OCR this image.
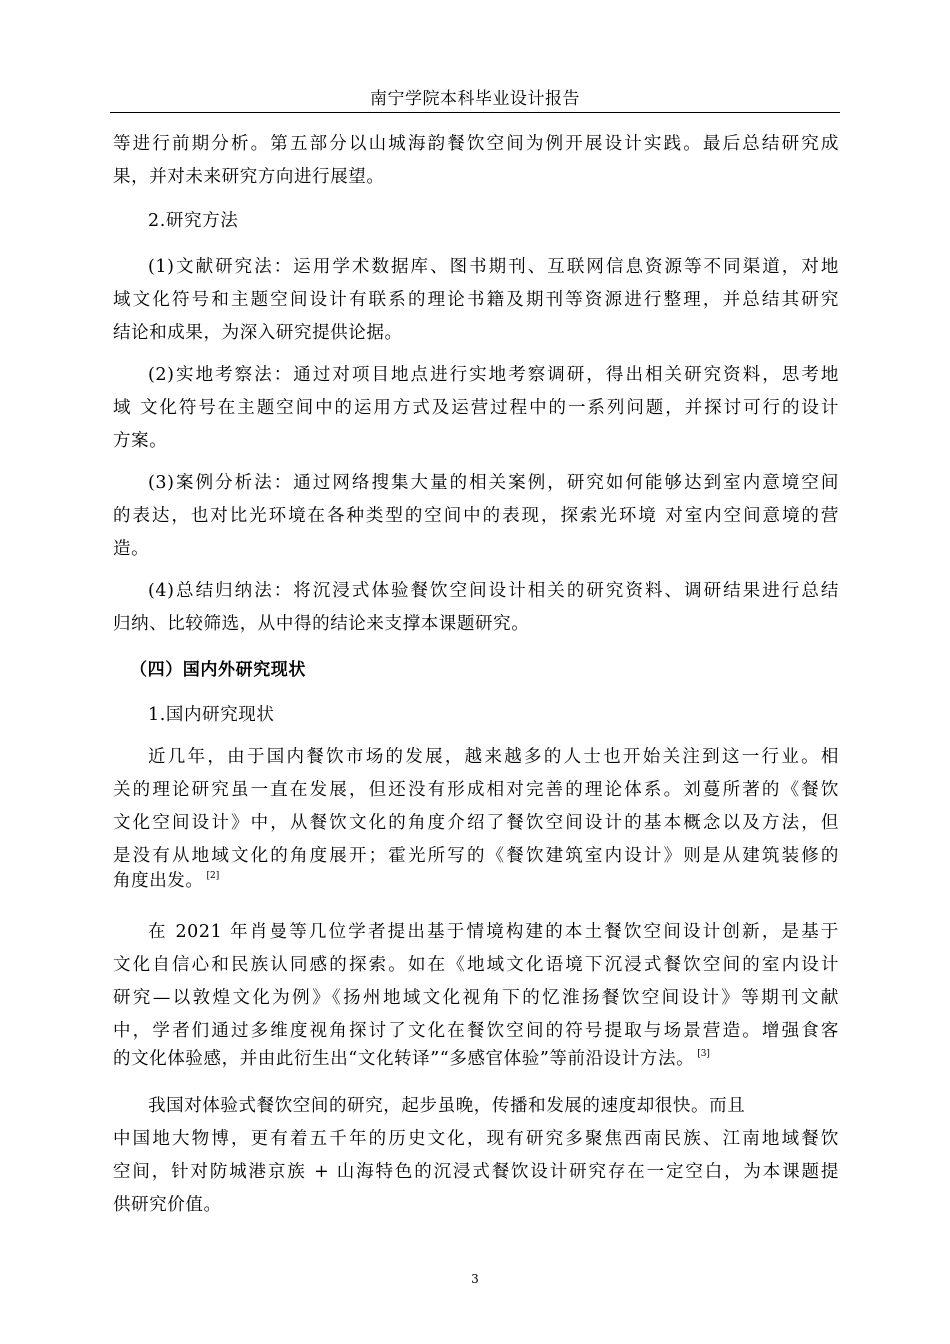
南宁学院本科毕业设计报告
等进行前期分析。第五部分以山城海韵餐饮空间为例开展设计实践。最后总结研究成
果，并对未来研究方向进行展望。
2.研究方法
(1)文献研究法：运用学术数据库、图书期刊、互联网信息资源等不同渠道，对地
域文化符号和主题空间设计有联系的理论书籍及期刊等资源进行整理，并总结其研究
结论和成果，为深入研究提供论据。
(2)实地考察法：通过对项目地点进行实地考察调研，得出相关研究资料，思考地
域 文化符号在主题空间中的运用方式及运营过程中的一系列问题，并探讨可行的设计
方案。
(3)案例分析法：通过网络搜集大量的相关案例，研究如何能够达到室内意境空间
的表达，也对比光环境在各种类型的空间中的表现，探索光环境 对室内空间意境的营
造。
(4)总结归纳法：将沉浸式体验餐饮空间设计相关的研究资料、调研结果进行总结
归纳、比较筛选，从中得的结论来支撑本课题研究。
（四）国内外研究现状
1.国内研究现状
近几年，由于国内餐饮市场的发展，越来越多的人士也开始关注到这一行业。相
关的理论研究虽一直在发展，但还没有形成相对完善的理论体系。刘蔓所著的《餐饮
文化空间设计》中，从餐饮文化的角度介绍了餐饮空间设计的基本概念以及方法，但
是没有从地域文化的角度展开；霍光所写的《餐饮建筑室内设计》则是从建筑装修的
角度出发。 [2]
在 2021 年肖曼等几位学者提出基于情境构建的本土餐饮空间设计创新，是基于
文化自信心和民族认同感的探索。如在《地域文化语境下沉浸式餐饮空间的室内设计
研究—以敦煌文化为例》《扬州地域文化视角下的忆淮扬餐饮空间设计》等期刊文献
中，学者们通过多维度视角探讨了文化在餐饮空间的符号提取与场景营造。增强食客
的文化体验感，并由此衍生出“文化转译”“多感官体验”等前沿设计方法。 [3]
我国对体验式餐饮空间的研究，起步虽晚，传播和发展的速度却很快。而且
中国地大物博，更有着五千年的历史文化，现有研究多聚焦西南民族、江南地域餐饮
空间，针对防城港京族 + 山海特色的沉浸式餐饮设计研究存在一定空白，为本课题提
供研究价值。
3
